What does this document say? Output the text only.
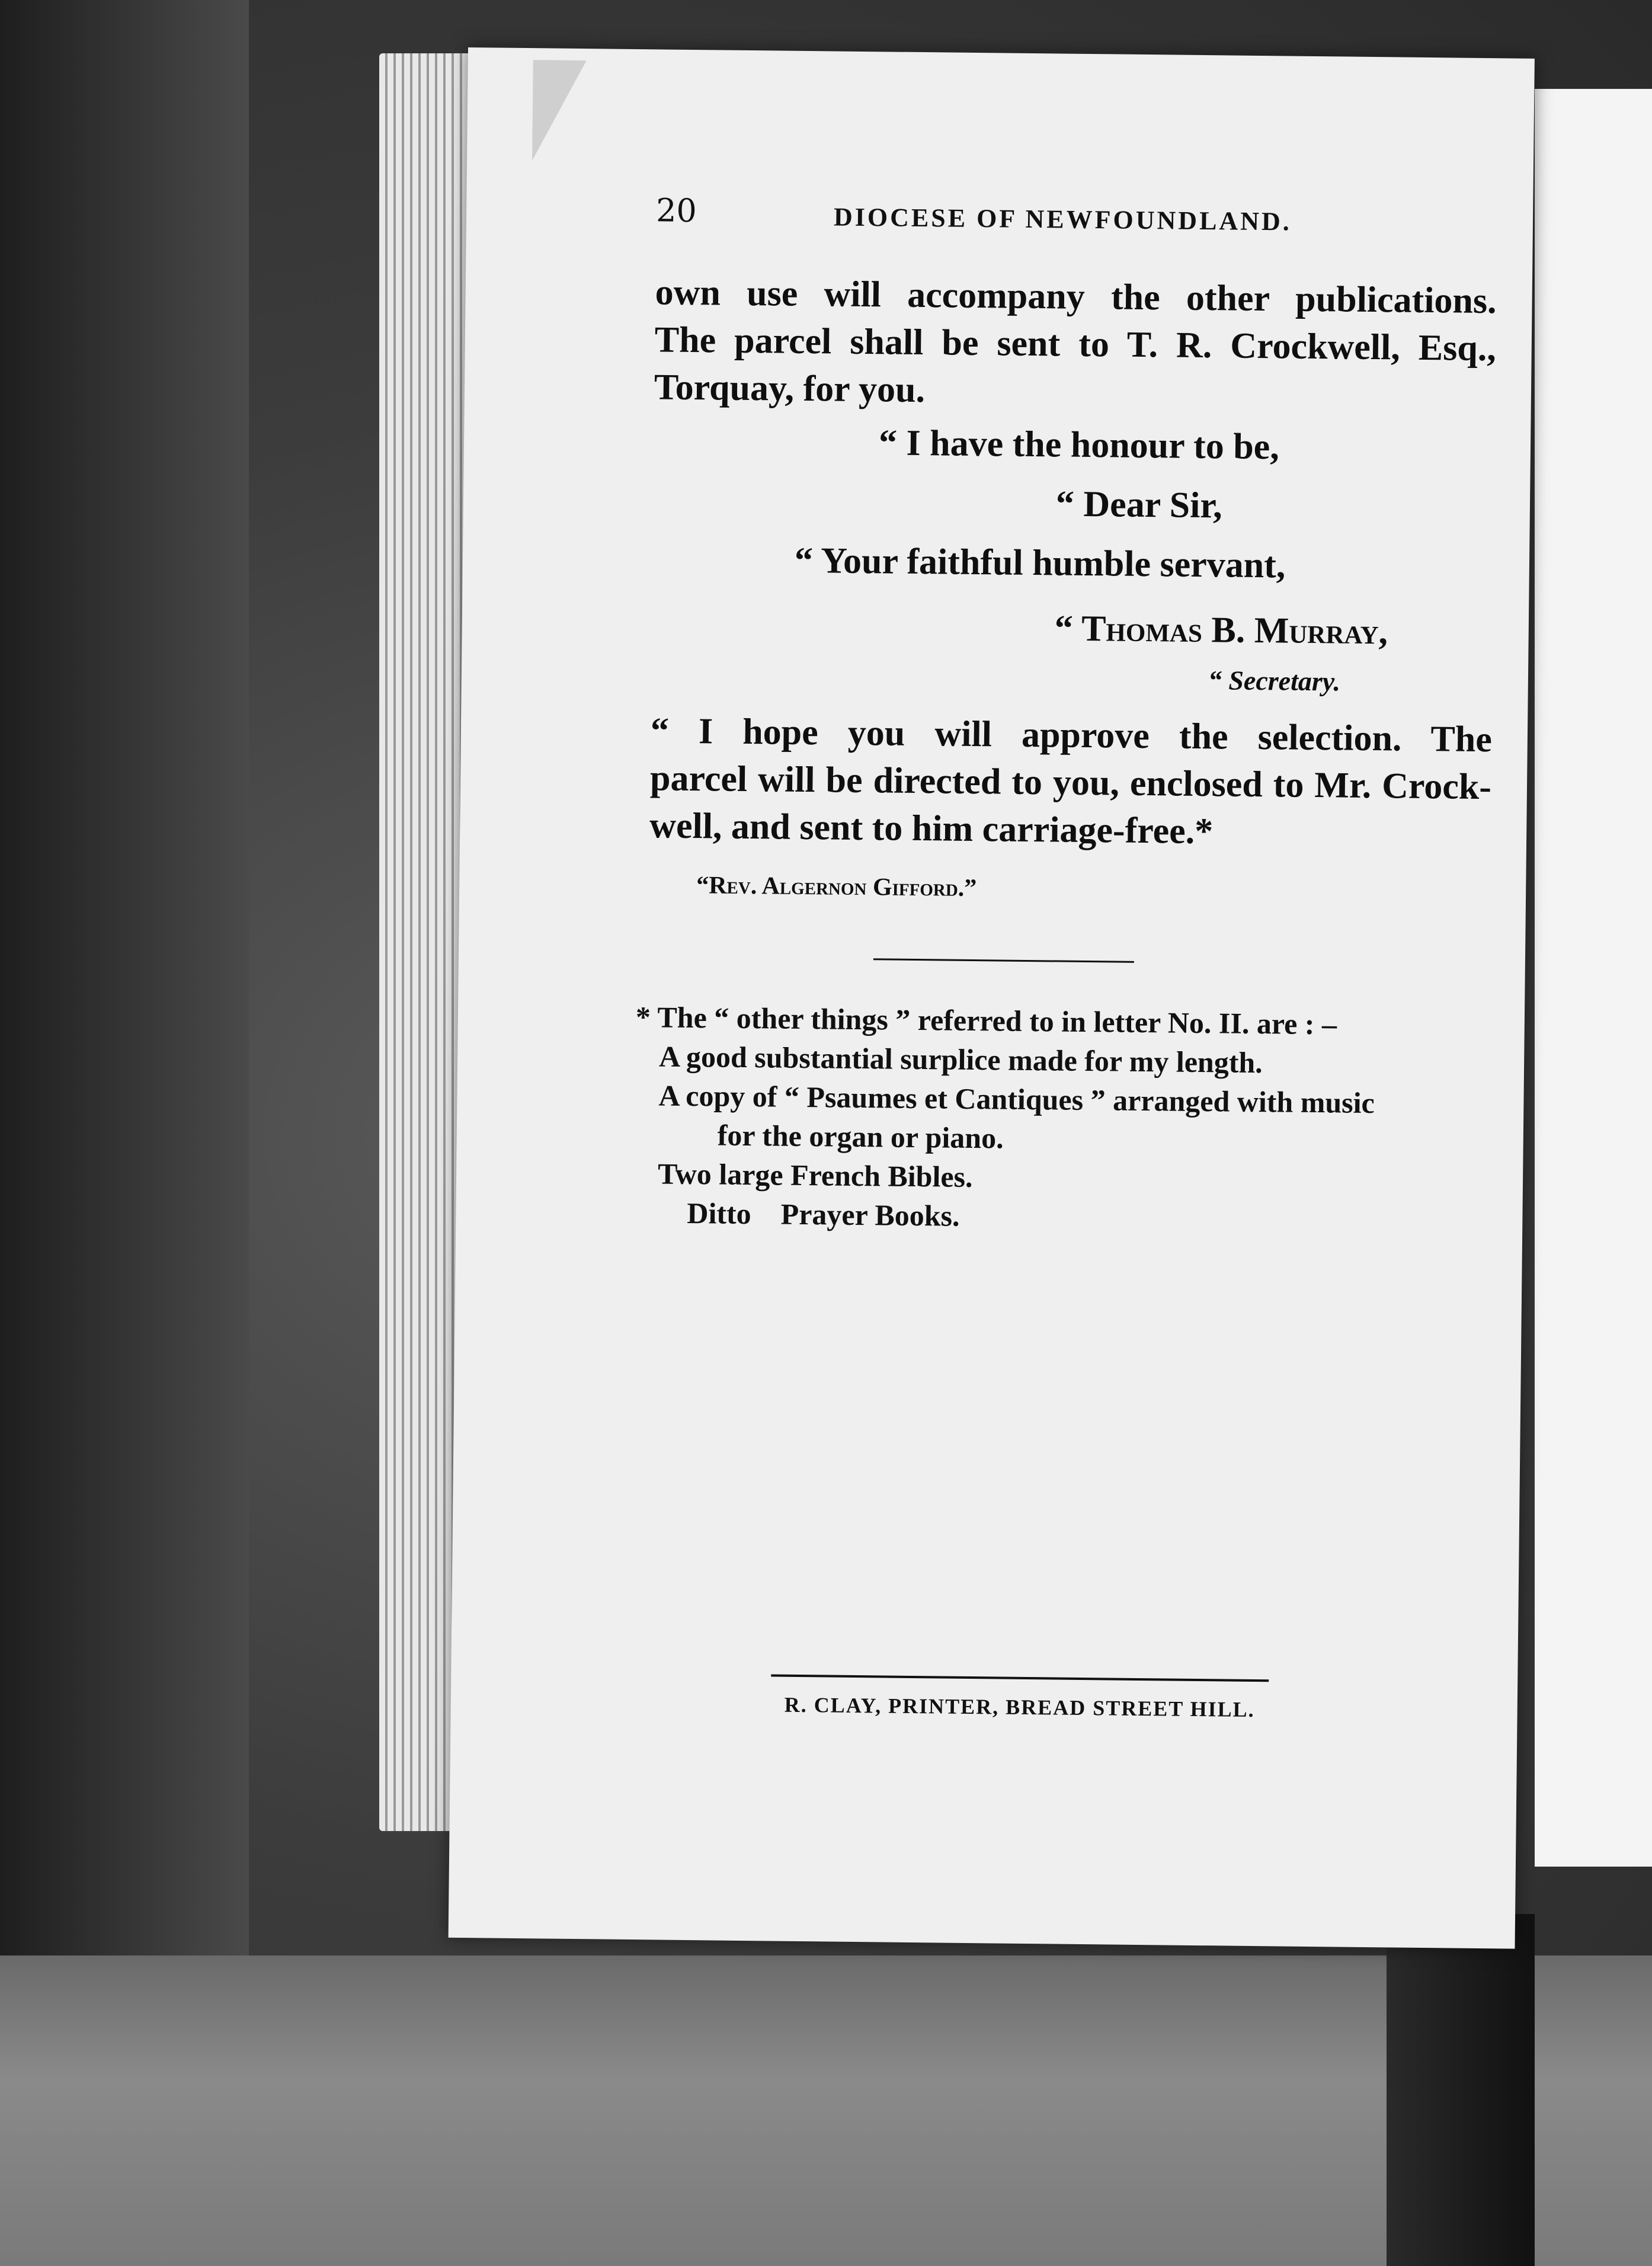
20	DIOCESE OF NEWFOUNDLAND.
own use will accompany the other publications.
The parcel shall be sent to T. R. Crockwell, Esq.,
Torquay, for you.
“ I have the honour to be,
“ Dear Sir,
“ Your faithful humble servant,
“ Thomas B. Murray,
“ Secretary.
“ I hope you will approve the selection. The
parcel will be directed to you, enclosed to Mr. Crock-
well, and sent to him carriage-free.*
“Rev. Algernon Gifford.”
* The “ other things ” referred to in letter No. II. are : –
A good substantial surplice made for my length.
A copy of “ Psaumes et Cantiques ” arranged with music
for the organ or piano.
Two large French Bibles.
Ditto    Prayer Books.
R. CLAY, PRINTER, BREAD STREET HILL.
